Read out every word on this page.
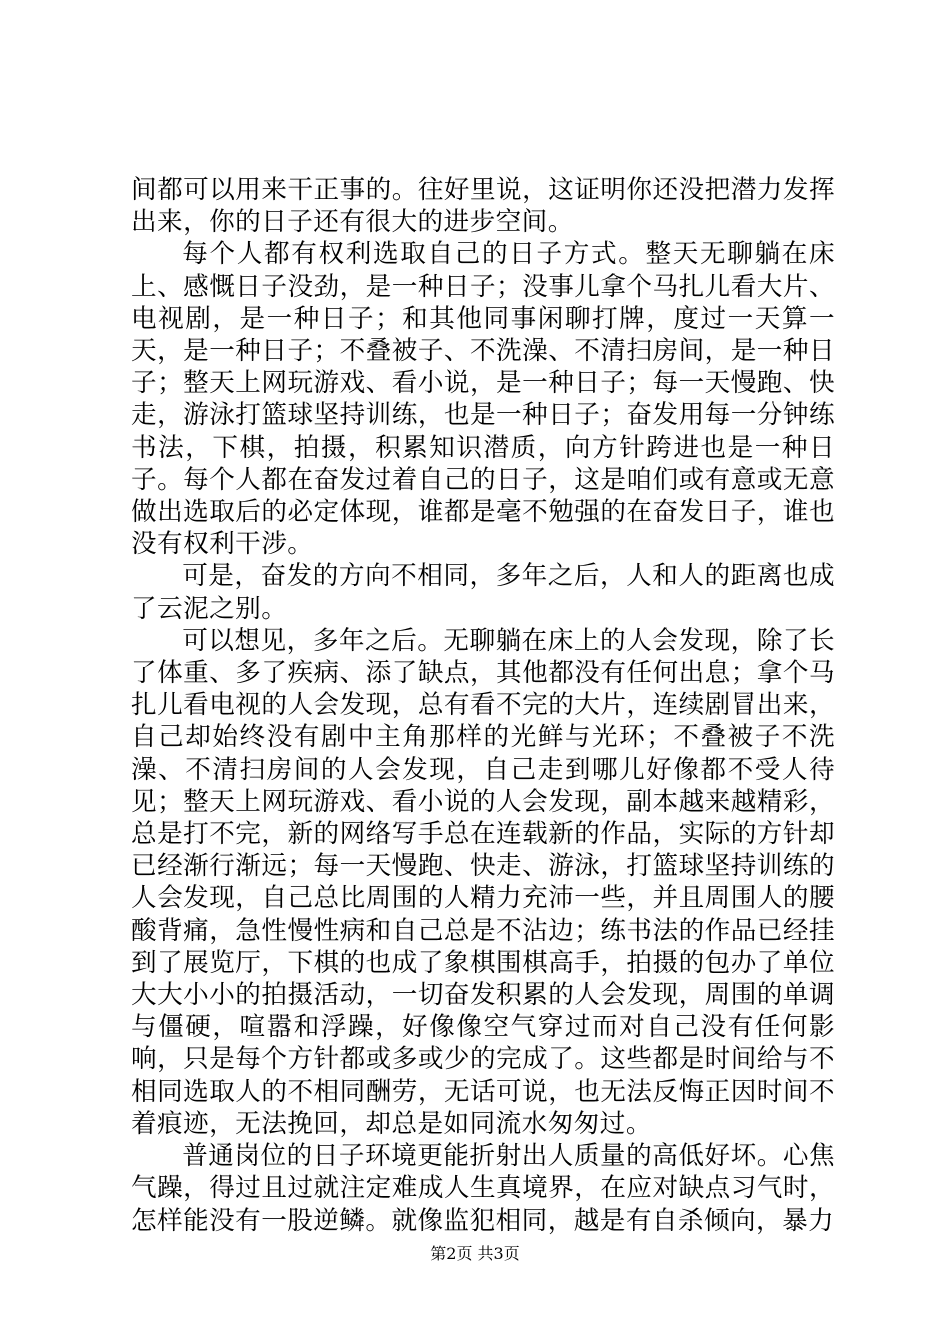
间都可以用来干正事的。往好里说，这证明你还没把潜力发挥出来，你的日子还有很大的进步空间。

每个人都有权利选取自己的日子方式。整天无聊躺在床上、感慨日子没劲，是一种日子；没事儿拿个马扎儿看大片、电视剧，是一种日子；和其他同事闲聊打牌，度过一天算一天，是一种日子；不叠被子、不洗澡、不清扫房间，是一种日子；整天上网玩游戏、看小说，是一种日子；每一天慢跑、快走，游泳打篮球坚持训练，也是一种日子；奋发用每一分钟练书法，下棋，拍摄，积累知识潜质，向方针跨进也是一种日子。每个人都在奋发过着自己的日子，这是咱们或有意或无意做出选取后的必定体现，谁都是毫不勉强的在奋发日子，谁也没有权利干涉。

可是，奋发的方向不相同，多年之后，人和人的距离也成了云泥之别。

可以想见，多年之后。无聊躺在床上的人会发现，除了长了体重、多了疾病、添了缺点，其他都没有任何出息；拿个马扎儿看电视的人会发现，总有看不完的大片，连续剧冒出来，自己却始终没有剧中主角那样的光鲜与光环；不叠被子不洗澡、不清扫房间的人会发现，自己走到哪儿好像都不受人待见；整天上网玩游戏、看小说的人会发现，副本越来越精彩，总是打不完，新的网络写手总在连载新的作品，实际的方针却已经渐行渐远；每一天慢跑、快走、游泳，打篮球坚持训练的人会发现，自己总比周围的人精力充沛一些，并且周围人的腰酸背痛，急性慢性病和自己总是不沾边；练书法的作品已经挂到了展览厅，下棋的也成了象棋围棋高手，拍摄的包办了单位大大小小的拍摄活动，一切奋发积累的人会发现，周围的单调与僵硬，喧嚣和浮躁，好像像空气穿过而对自己没有任何影响，只是每个方针都或多或少的完成了。这些都是时间给与不相同选取人的不相同酬劳，无话可说，也无法反悔正因时间不着痕迹，无法挽回，却总是如同流水匆匆过。

普通岗位的日子环境更能折射出人质量的高低好坏。心焦气躁，得过且过就注定难成人生真境界，在应对缺点习气时，怎样能没有一股逆鳞。就像监犯相同，越是有自杀倾向，暴力

第2页 共3页
